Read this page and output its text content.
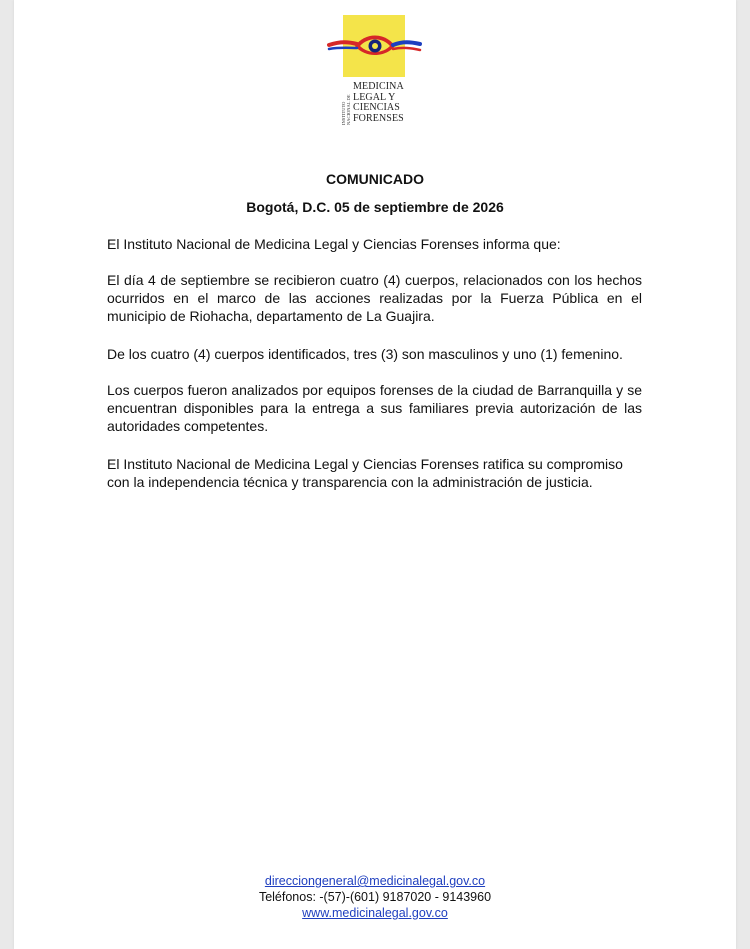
INSTITUTO NACIONAL DE
MEDICINA
LEGAL Y
CIENCIAS
FORENSES
COMUNICADO
Bogotá, D.C. 05 de septiembre de 2026
El Instituto Nacional de Medicina Legal y Ciencias Forenses informa que:
El día 4 de septiembre se recibieron cuatro (4) cuerpos, relacionados con los hechos ocurridos en el marco de las acciones realizadas por la Fuerza Pública en el municipio de Riohacha, departamento de La Guajira.
De los cuatro (4) cuerpos identificados, tres (3) son masculinos y uno (1) femenino.
Los cuerpos fueron analizados por equipos forenses de la ciudad de Barranquilla y se encuentran disponibles para la entrega a sus familiares previa autorización de las autoridades competentes.
El Instituto Nacional de Medicina Legal y Ciencias Forenses ratifica su compromiso con la independencia técnica y transparencia con la administración de justicia.
direcciongeneral@medicinalegal.gov.co
Teléfonos: -(57)-(601) 9187020 - 9143960
www.medicinalegal.gov.co
